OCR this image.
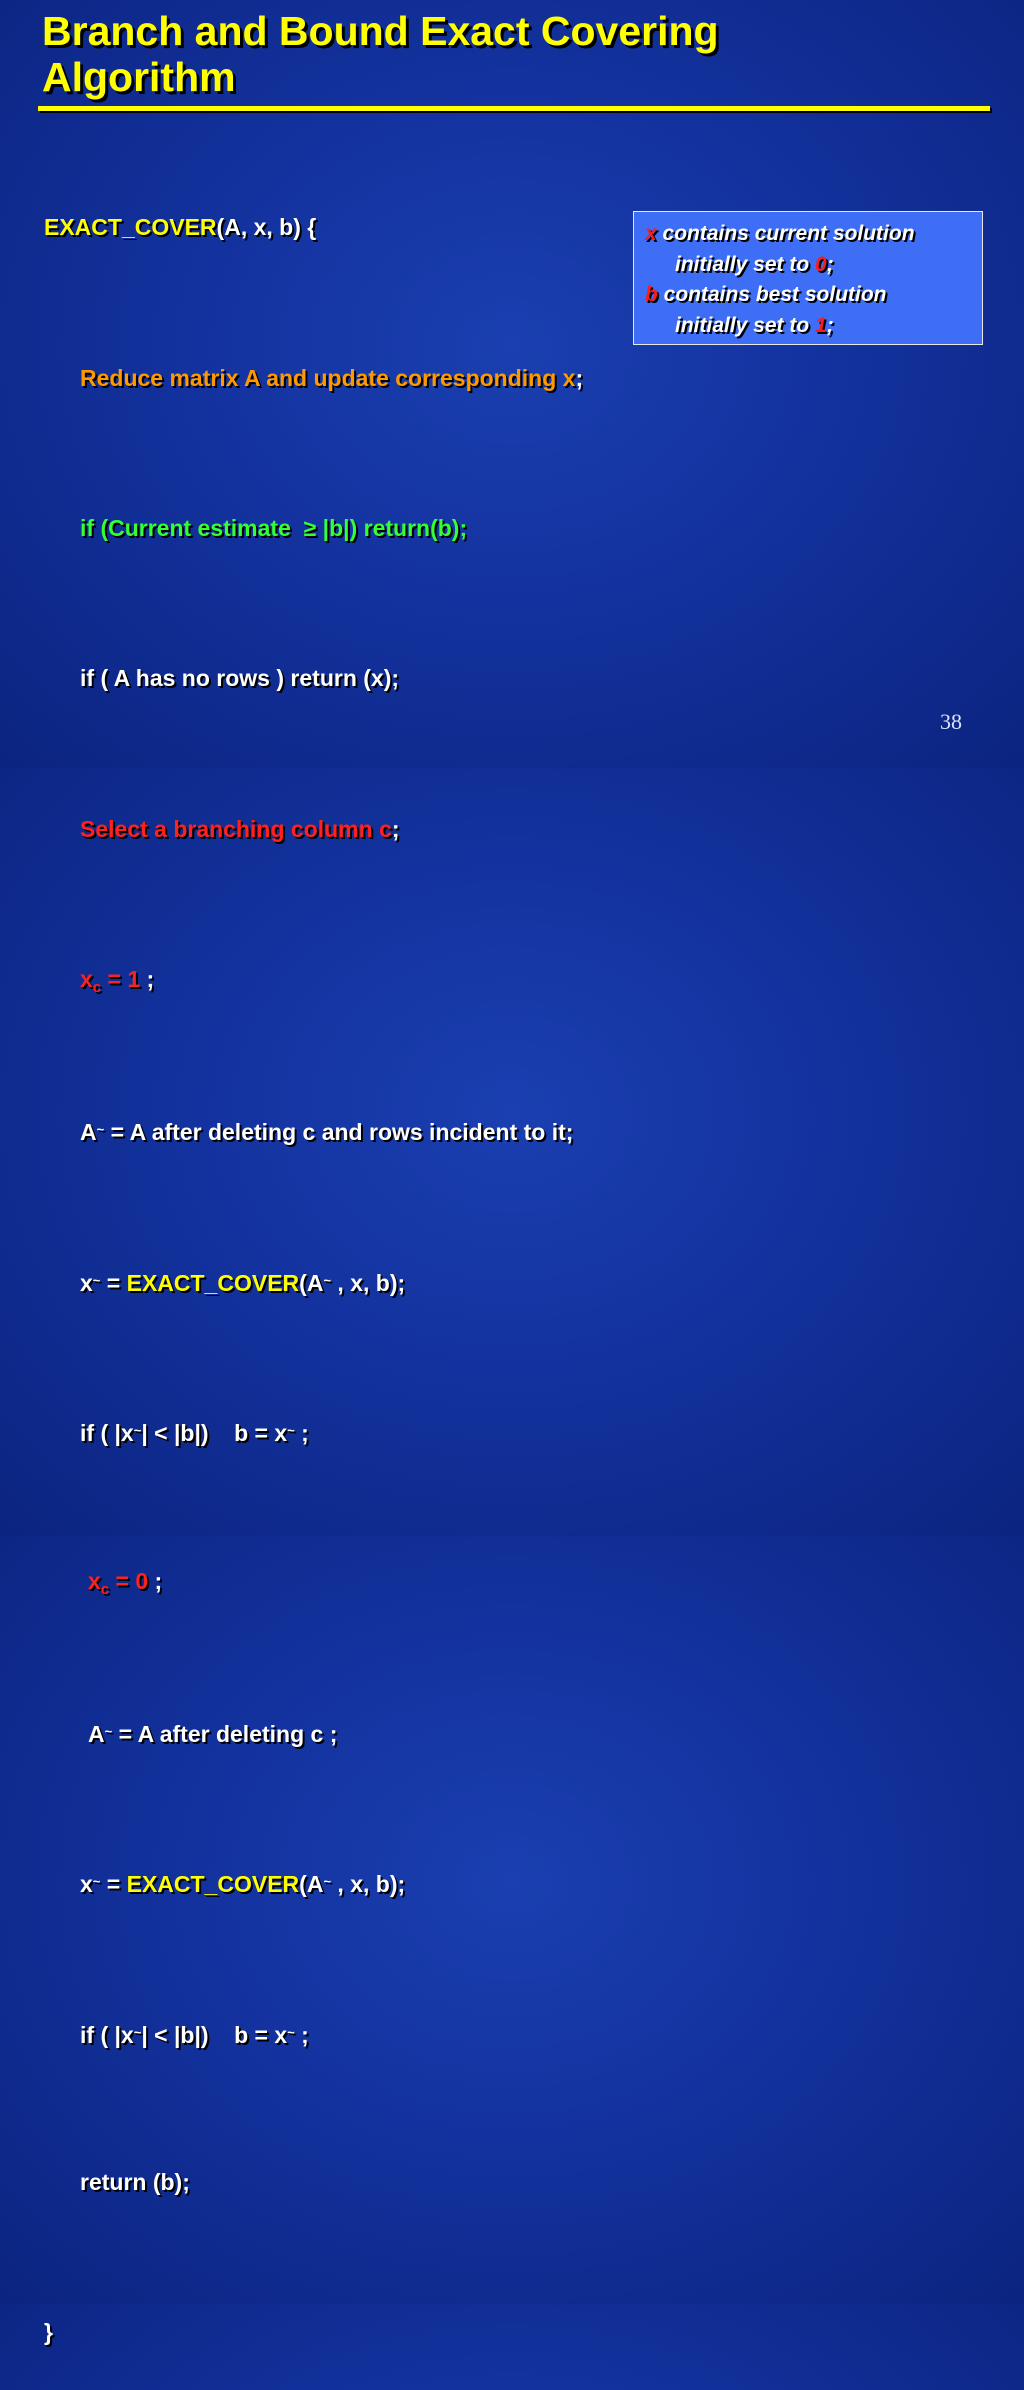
Branch and Bound Exact Covering
Algorithm

EXACT_COVER(A, x, b) {

Reduce matrix A and update corresponding x;

if (Current estimate  ≥ |b|) return(b);

if ( A has no rows ) return (x);

Select a branching column c;

$x_c = 1$ ;

A~ = A after deleting c and rows incident to it;

x~ = EXACT_COVER(A~ , x, b);

if ( |x~| < |b|)    b = x~ ;

$x_c = 0$ ;

A~ = A after deleting c ;

x~ = EXACT_COVER(A~ , x, b);

if ( |x~| < |b|)    b = x~ ;

return (b);

}

x contains current solution
initially set to 0;
b contains best solution
initially set to 1;
38
